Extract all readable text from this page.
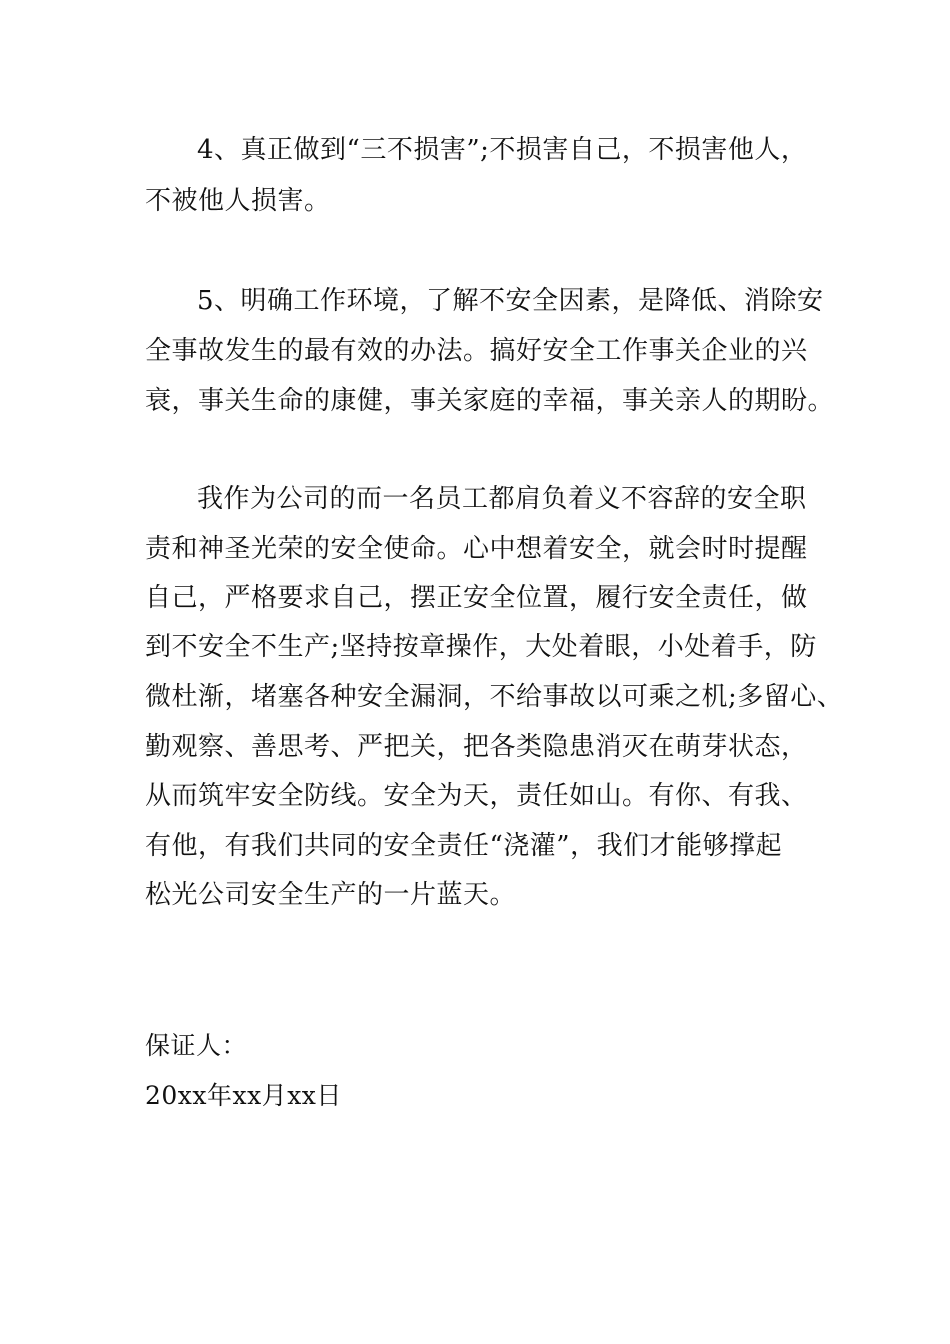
4、真正做到“三不损害”;不损害自己，不损害他人，
不被他人损害。
5、明确工作环境，了解不安全因素，是降低、消除安
全事故发生的最有效的办法。搞好安全工作事关企业的兴
衰，事关生命的康健，事关家庭的幸福，事关亲人的期盼。
我作为公司的而一名员工都肩负着义不容辞的安全职
责和神圣光荣的安全使命。心中想着安全，就会时时提醒
自己，严格要求自己，摆正安全位置，履行安全责任，做
到不安全不生产;坚持按章操作，大处着眼，小处着手，防
微杜渐，堵塞各种安全漏洞，不给事故以可乘之机;多留心、
勤观察、善思考、严把关，把各类隐患消灭在萌芽状态，
从而筑牢安全防线。安全为天，责任如山。有你、有我、
有他，有我们共同的安全责任“浇灌”，我们才能够撑起
松光公司安全生产的一片蓝天。
保证人：
20xx年xx月xx日
